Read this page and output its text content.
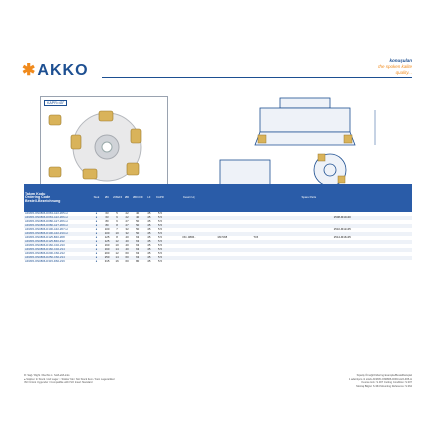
✱ AKKO
konuşulan
the spoken kalite
quality...
KAPR=45°
Takım Kodu
Ordering Code
Bestell-Bezeichnung	Stok	ØC	Z/ZEFF	ØD	ØDCON	LF	KAPR		Kesici Uç	Spare Parts		
AFM45-ON0806-D063-A22-Z05-H	●	63	5	22	40	45	5.5					
AFM45-ON0806-D063-A22-Z06-H	●	63	6	22	40	45	5.5					2508-M10x30
AFM45-ON0806-D080-A27-Z06-H	●	80	6	27	50	45	5.5					
AFM45-ON0806-D080-A27-Z08-H	●	80	8	27	50	45	5.5					
AFM45-ON0806-D100-A32-Z07-H	●	100	7	32	50	45	5.5					2510-M12x35
AFM45-ON0806-D100-A32-Z10-H	●	100	10	32	50	45	5.5					
AFM45-ON0806-D125-B40-Z08	●	125	8	40	63	45	5.5		ON..0806..	M3.5X8	T15	2514-M16x35
AFM45-ON0806-D125-B40-Z12	●	125	12	40	63	45	5.5					
AFM45-ON0806-D160-C40-Z10	●	160	10	40	63	45	5.5					
AFM45-ON0806-D160-C40-Z14	●	160	14	40	63	45	5.5					
AFM45-ON0806-D200-C60-Z12	●	200	12	60	63	45	5.5					
AFM45-ON0806-D250-C60-Z14	●	250	14	60	63	45	5.5					
AFM45-ON0806-D315-D60-Z16	●	315	16	60	80	45	5.5					
R: Sağ / Right / Rechts L: Sol/Left/Links
● Stokta / In Stock / Auf Lager ○ Stokta Yok / Not Stock Item / Kein Lagerartikel
ISO Ürünü Uygundur / Compatible with ISO Insert Standard
Sipariş Örneği/Ordering Example/Bestellbeispiel
1 adet/1pcs./1 stück AFM45-ON0806-D063-A22-Z05-H
Kesme Hızı: S.307 Cutting Condition: S.307
Montaj Bilgisi: S.364 Mounting Reference: S.364
